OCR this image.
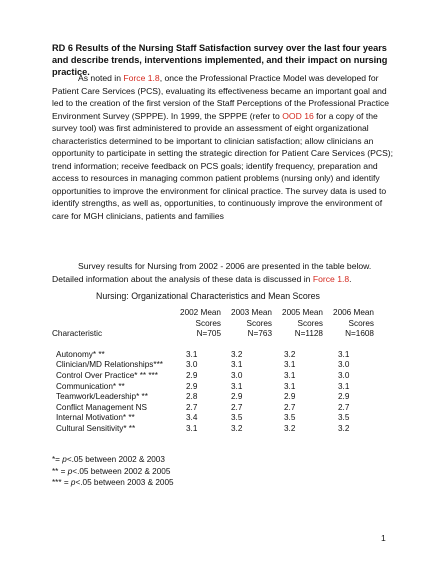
RD 6 Results of the Nursing Staff Satisfaction survey over the last four years and describe trends, interventions implemented, and their impact on nursing practice.
As noted in Force 1.8, once the Professional Practice Model was developed for Patient Care Services (PCS), evaluating its effectiveness became an important goal and led to the creation of the first version of the Staff Perceptions of the Professional Practice Environment Survey (SPPPE). In 1999, the SPPPE (refer to OOD 16 for a copy of the survey tool) was first administered to provide an assessment of eight organizational characteristics determined to be important to clinician satisfaction; allow clinicians an opportunity to participate in setting the strategic direction for Patient Care Services (PCS); trend information; receive feedback on PCS goals; identify frequency, preparation and access to resources in managing common patient problems (nursing only) and identify opportunities to improve the environment for clinical practice. The survey data is used to identify strengths, as well as, opportunities, to continuously improve the environment of care for MGH clinicians, patients and families
Survey results for Nursing from 2002 - 2006 are presented in the table below. Detailed information about the analysis of these data is discussed in Force 1.8.
Nursing: Organizational Characteristics and Mean Scores
	2002 Mean	2003 Mean	2005 Mean	2006 Mean
	Scores	Scores	Scores	Scores
Characteristic	N=705	N=763	N=1128	N=1608

Autonomy* **	3.1	3.2	3.2	3.1
Clinician/MD Relationships***	3.0	3.1	3.1	3.0
Control Over Practice* ** ***	2.9	3.0	3.1	3.0
Communication* **	2.9	3.1	3.1	3.1
Teamwork/Leadership* **	2.8	2.9	2.9	2.9
Conflict Management NS	2.7	2.7	2.7	2.7
Internal Motivation* **	3.4	3.5	3.5	3.5
Cultural Sensitivity* **	3.1	3.2	3.2	3.2
*= p<.05 between 2002 & 2003
** = p<.05 between 2002 & 2005
*** = p<.05 between 2003 & 2005
1
